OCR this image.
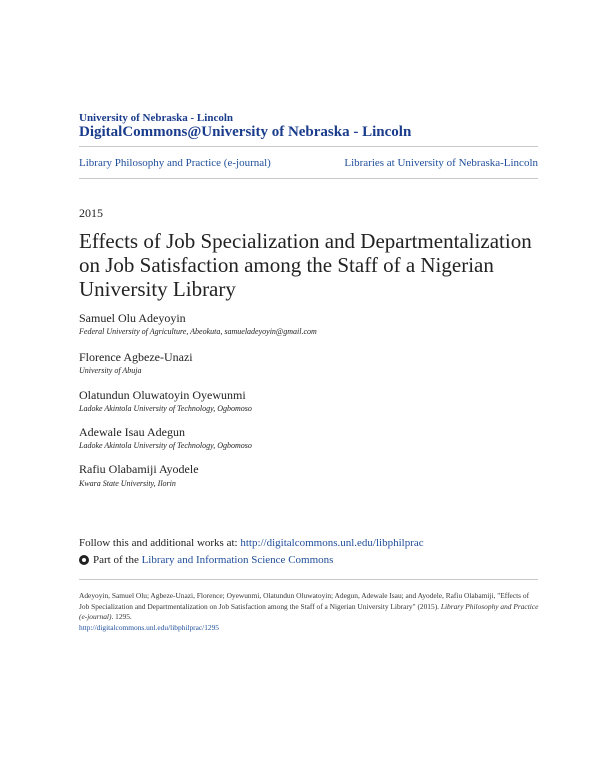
University of Nebraska - Lincoln
DigitalCommons@University of Nebraska - Lincoln
Library Philosophy and Practice (e-journal)	Libraries at University of Nebraska-Lincoln
2015
Effects of Job Specialization and Departmentalization on Job Satisfaction among the Staff of a Nigerian University Library
Samuel Olu Adeyoyin
Federal University of Agriculture, Abeokuta, samueladeyoyin@gmail.com
Florence Agbeze-Unazi
University of Abuja
Olatundun Oluwatoyin Oyewunmi
Ladoke Akintola University of Technology, Ogbomoso
Adewale Isau Adegun
Ladoke Akintola University of Technology, Ogbomoso
Rafiu Olabamiji Ayodele
Kwara State University, Ilorin
Follow this and additional works at: http://digitalcommons.unl.edu/libphilprac
Part of the
Library and Information Science Commons
Adeyoyin, Samuel Olu; Agbeze-Unazi, Florence; Oyewunmi, Olatundun Oluwatoyin; Adegun, Adewale Isau; and Ayodele, Rafiu Olabamiji, "Effects of Job Specialization and Departmentalization on Job Satisfaction among the Staff of a Nigerian University Library" (2015). Library Philosophy and Practice (e-journal). 1295.
http://digitalcommons.unl.edu/libphilprac/1295
